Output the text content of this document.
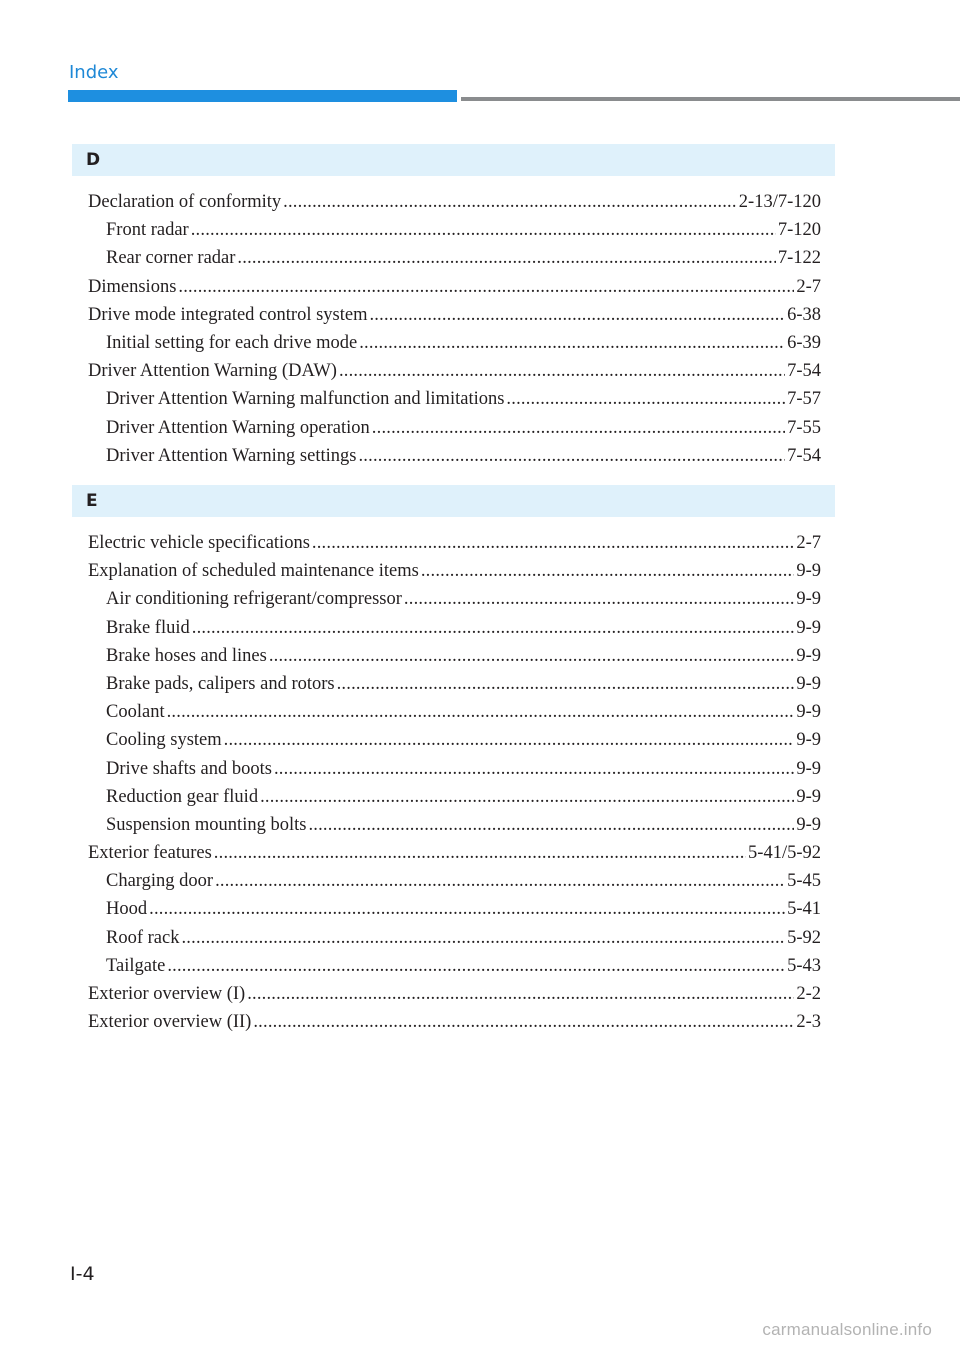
Index
D
Declaration of conformity .....	2-13/7-120
Front radar .....	7-120
Rear corner radar .....	7-122
Dimensions .....	2-7
Drive mode integrated control system .....	6-38
Initial setting for each drive mode .....	6-39
Driver Attention Warning (DAW) .....	7-54
Driver Attention Warning malfunction and limitations .....	7-57
Driver Attention Warning operation .....	7-55
Driver Attention Warning settings .....	7-54
E
Electric vehicle specifications .....	2-7
Explanation of scheduled maintenance items .....	9-9
Air conditioning refrigerant/compressor .....	9-9
Brake fluid .....	9-9
Brake hoses and lines .....	9-9
Brake pads, calipers and rotors .....	9-9
Coolant .....	9-9
Cooling system .....	9-9
Drive shafts and boots .....	9-9
Reduction gear fluid .....	9-9
Suspension mounting bolts .....	9-9
Exterior features .....	5-41/5-92
Charging door .....	5-45
Hood .....	5-41
Roof rack .....	5-92
Tailgate .....	5-43
Exterior overview (I) .....	2-2
Exterior overview (II) .....	2-3
I-4
carmanualsonline.info
